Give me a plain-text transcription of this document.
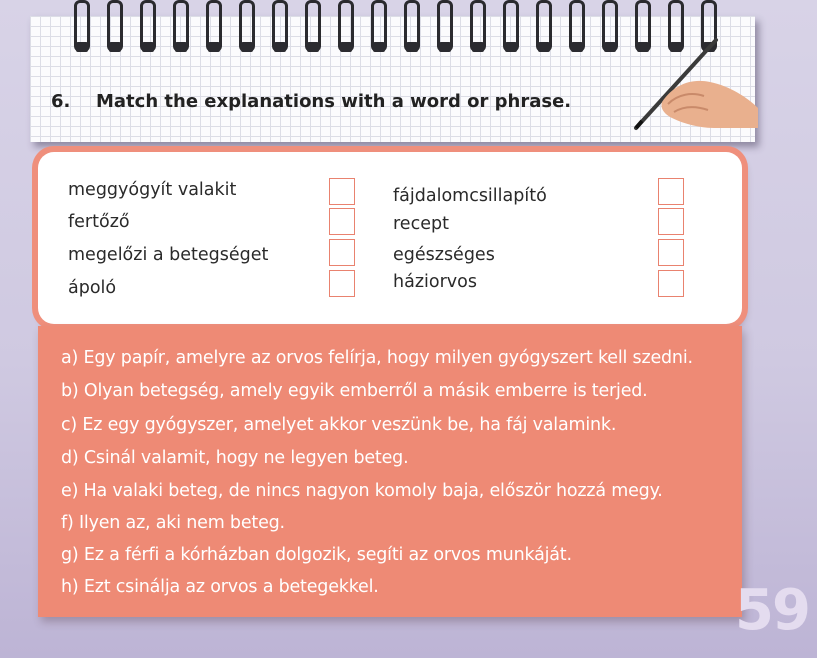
6. Match the explanations with a word or phrase.
meggyógyít valakit
fertőző
megelőzi a betegséget
ápoló
fájdalomcsillapító
recept
egészséges
háziorvos
a) Egy papír, amelyre az orvos felírja, hogy milyen gyógyszert kell szedni.
b) Olyan betegség, amely egyik emberről a másik emberre is terjed.
c) Ez egy gyógyszer, amelyet akkor veszünk be, ha fáj valamink.
d) Csinál valamit, hogy ne legyen beteg.
e) Ha valaki beteg, de nincs nagyon komoly baja, először hozzá megy.
f) Ilyen az, aki nem beteg.
g) Ez a férfi a kórházban dolgozik, segíti az orvos munkáját.
h) Ezt csinálja az orvos a betegekkel.	59
